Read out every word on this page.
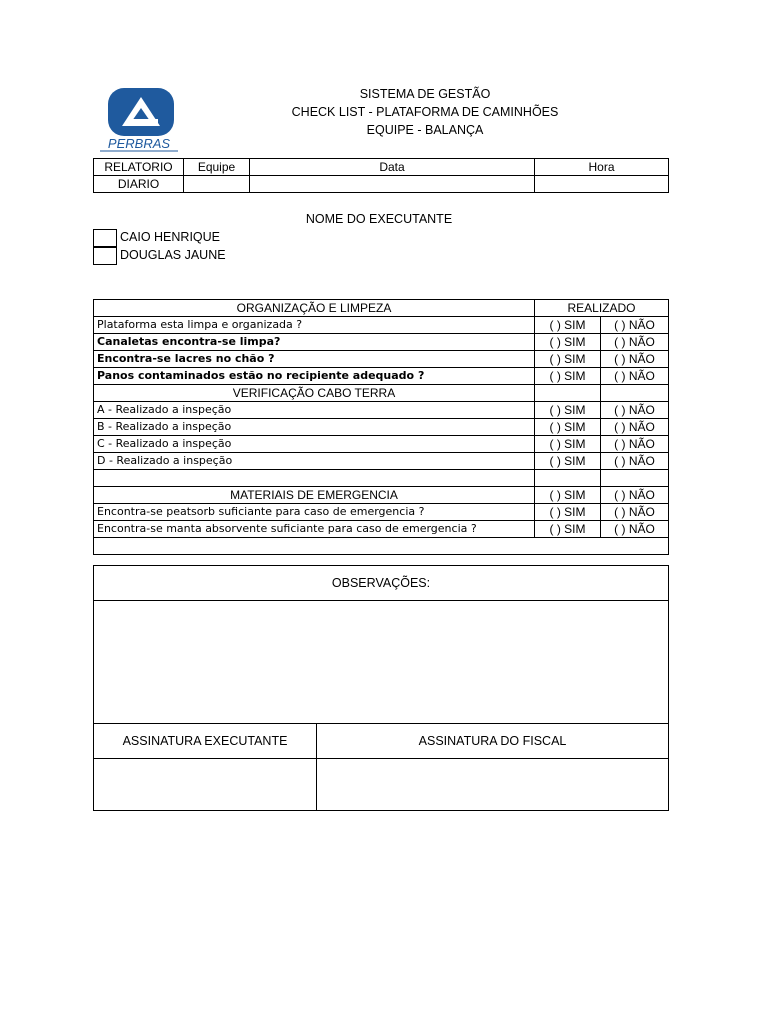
PERBRAS
SISTEMA DE GESTÃO
CHECK LIST - PLATAFORMA DE CAMINHÕES
EQUIPE - BALANÇA
RELATORIO	Equipe	Data	Hora
DIARIO			
NOME DO EXECUTANTE
CAIO HENRIQUE
DOUGLAS JAUNE
ORGANIZAÇÃO E LIMPEZA	REALIZADO	
Plataforma esta limpa e organizada ?	( ) SIM	( ) NÃO
Canaletas encontra-se limpa?	( ) SIM	( ) NÃO
Encontra-se lacres no chão ?	( ) SIM	( ) NÃO
Panos contaminados estão no recipiente adequado ?	( ) SIM	( ) NÃO
VERIFICAÇÃO CABO TERRA		
A - Realizado a inspeção	( ) SIM	( ) NÃO
B - Realizado a inspeção	( ) SIM	( ) NÃO
C - Realizado a inspeção	( ) SIM	( ) NÃO
D - Realizado a inspeção	( ) SIM	( ) NÃO

MATERIAIS DE EMERGENCIA	( ) SIM	( ) NÃO
Encontra-se peatsorb suficiante para caso de emergencia ?	( ) SIM	( ) NÃO
Encontra-se manta absorvente suficiante para caso de emergencia ?	( ) SIM	( ) NÃO

OBSERVAÇÕES:	

ASSINATURA EXECUTANTE	ASSINATURA DO FISCAL
